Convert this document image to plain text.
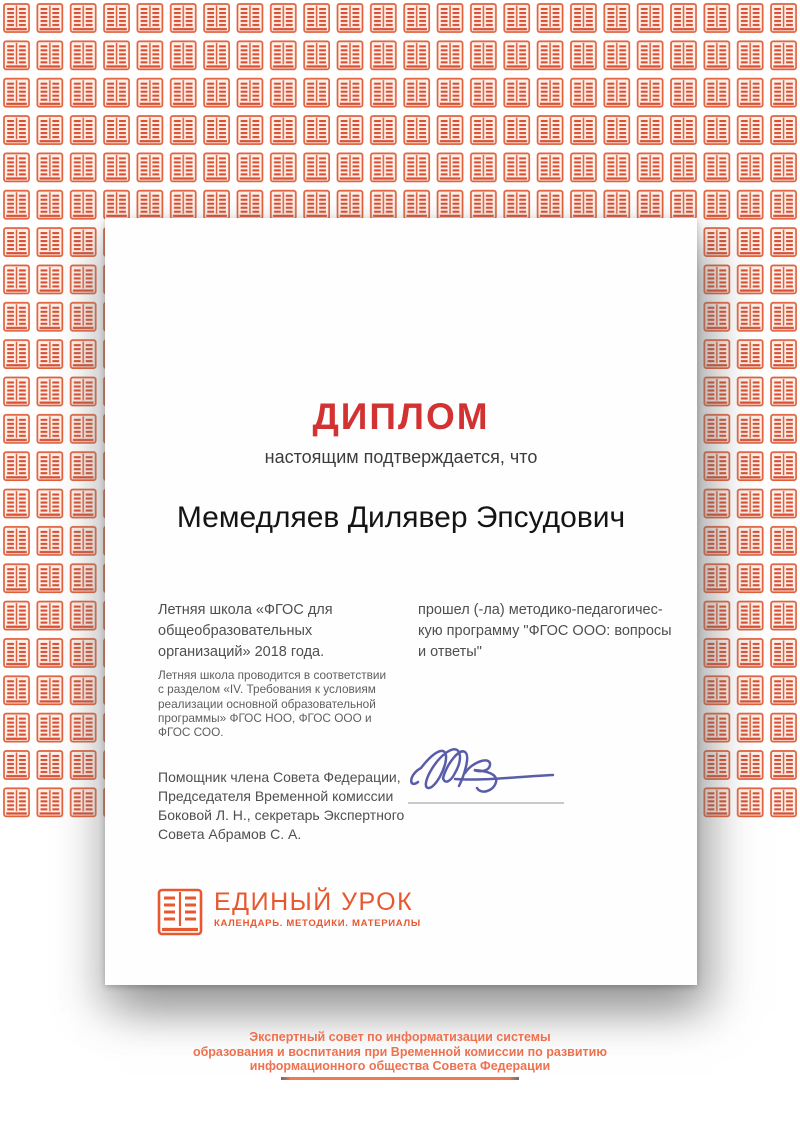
ДИПЛОМ
настоящим подтверждается, что
Мемедляев Дилявер Эпсудович
Летняя школа «ФГОС для
общеобразовательных
организаций» 2018 года.
Летняя школа проводится в соответствии
с разделом «IV. Требования к условиям
реализации основной образовательной
программы» ФГОС НОО, ФГОС ООО и
ФГОС СОО.
Помощник члена Совета Федерации,
Председателя Временной комиссии
Боковой Л. Н., секретарь Экспертного
Совета Абрамов С. А.
прошел (-ла) методико-педагогичес-
кую программу "ФГОС ООО: вопросы
и ответы"
ЕДИНЫЙ УРОК
КАЛЕНДАРЬ. МЕТОДИКИ. МАТЕРИАЛЫ
Экспертный совет по информатизации системы
образования и воспитания при Временной комиссии по развитию
информационного общества Совета Федерации
